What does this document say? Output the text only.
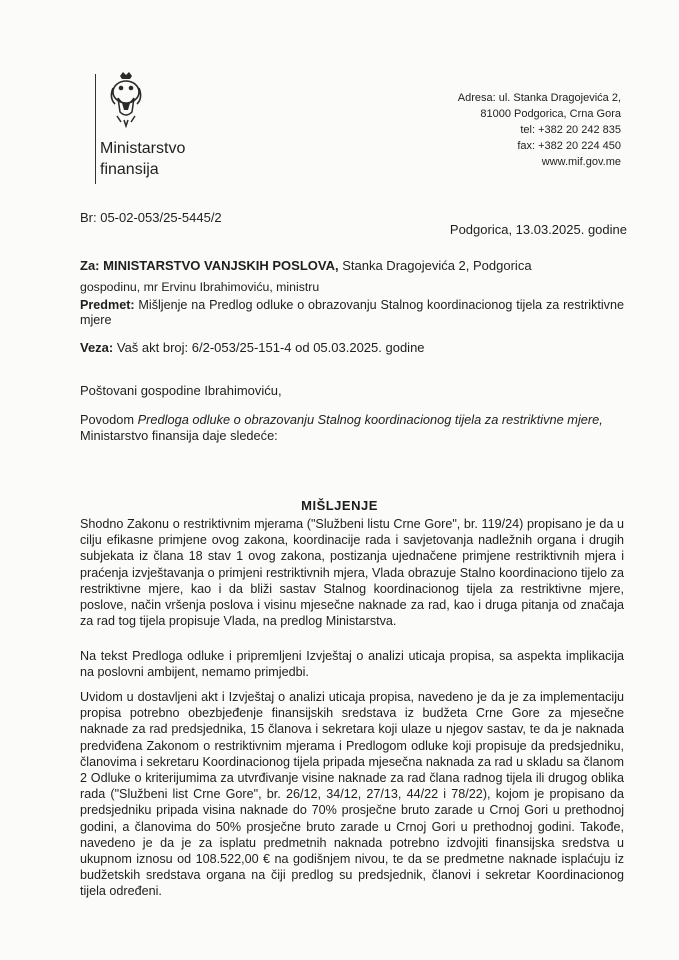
Ministarstvo
finansija
Adresa: ul. Stanka Dragojevića 2,
81000 Podgorica, Crna Gora
tel: +382 20 242 835
fax: +382 20 224 450
www.mif.gov.me
Br: 05-02-053/25-5445/2
Podgorica, 13.03.2025. godine
Za: MINISTARSTVO VANJSKIH POSLOVA, Stanka Dragojevića 2, Podgorica
gospodinu, mr Ervinu Ibrahimoviću, ministru
Predmet: Mišljenje na Predlog odluke o obrazovanju Stalnog koordinacionog tijela za restriktivne mjere
Veza: Vaš akt broj: 6/2-053/25-151-4 od 05.03.2025. godine
Poštovani gospodine Ibrahimoviću,
Povodom Predloga odluke o obrazovanju Stalnog koordinacionog tijela za restriktivne mjere, Ministarstvo finansija daje sledeće:
MIŠLJENJE
Shodno Zakonu o restriktivnim mjerama ("Službeni listu Crne Gore", br. 119/24) propisano je da u cilju efikasne primjene ovog zakona, koordinacije rada i savjetovanja nadležnih organa i drugih subjekata iz člana 18 stav 1 ovog zakona, postizanja ujednačene primjene restriktivnih mjera i praćenja izvještavanja o primjeni restriktivnih mjera, Vlada obrazuje Stalno koordinaciono tijelo za restriktivne mjere, kao i da bliži sastav Stalnog koordinacionog tijela za restriktivne mjere, poslove, način vršenja poslova i visinu mjesečne naknade za rad, kao i druga pitanja od značaja za rad tog tijela propisuje Vlada, na predlog Ministarstva.
Na tekst Predloga odluke i pripremljeni Izvještaj o analizi uticaja propisa, sa aspekta implikacija na poslovni ambijent, nemamo primjedbi.
Uvidom u dostavljeni akt i Izvještaj o analizi uticaja propisa, navedeno je da je za implementaciju propisa potrebno obezbjeđenje finansijskih sredstava iz budžeta Crne Gore za mjesečne naknade za rad predsjednika, 15 članova i sekretara koji ulaze u njegov sastav, te da je naknada predviđena Zakonom o restriktivnim mjerama i Predlogom odluke koji propisuje da predsjedniku, članovima i sekretaru Koordinacionog tijela pripada mjesečna naknada za rad u skladu sa članom 2 Odluke o kriterijumima za utvrđivanje visine naknade za rad člana radnog tijela ili drugog oblika rada ("Službeni list Crne Gore", br. 26/12, 34/12, 27/13, 44/22 i 78/22), kojom je propisano da predsjedniku pripada visina naknade do 70% prosječne bruto zarade u Crnoj Gori u prethodnoj godini, a članovima do 50% prosječne bruto zarade u Crnoj Gori u prethodnoj godini. Takođe, navedeno je da je za isplatu predmetnih naknada potrebno izdvojiti finansijska sredstva u ukupnom iznosu od 108.522,00 € na godišnjem nivou, te da se predmetne naknade isplaćuju iz budžetskih sredstava organa na čiji predlog su predsjednik, članovi i sekretar Koordinacionog tijela određeni.
